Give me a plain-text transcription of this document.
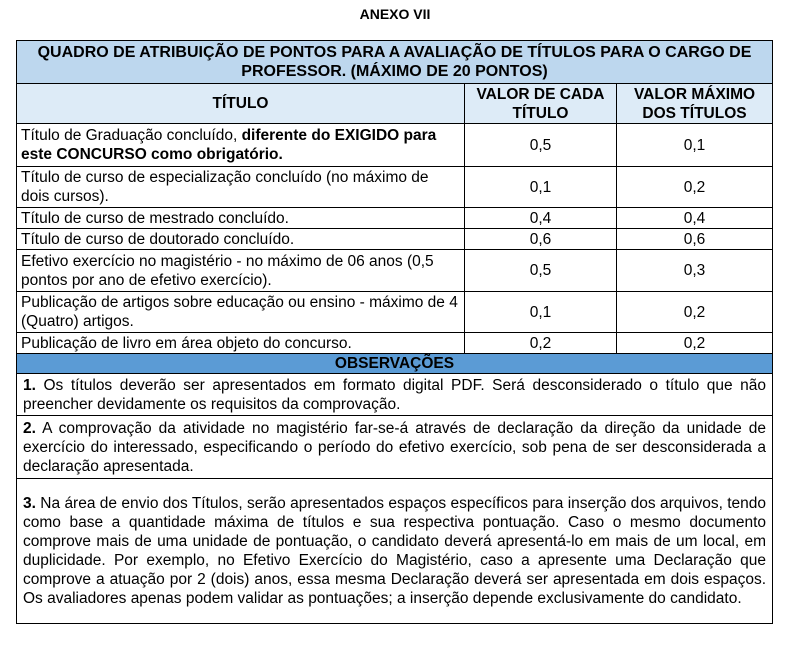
ANEXO VII
QUADRO DE ATRIBUIÇÃO DE PONTOS PARA A AVALIAÇÃO DE TÍTULOS PARA O CARGO DE PROFESSOR. (MÁXIMO DE 20 PONTOS)		
TÍTULO	VALOR DE CADA TÍTULO	VALOR MÁXIMO DOS TÍTULOS
Título de Graduação concluído, diferente do EXIGIDO para este CONCURSO como obrigatório.	0,5	0,1
Título de curso de especialização concluído (no máximo de dois cursos).	0,1	0,2
Título de curso de mestrado concluído.	0,4	0,4
Título de curso de doutorado concluído.	0,6	0,6
Efetivo exercício no magistério - no máximo de 06 anos (0,5 pontos por ano de efetivo exercício).	0,5	0,3
Publicação de artigos sobre educação ou ensino - máximo de 4 (Quatro) artigos.	0,1	0,2
Publicação de livro em área objeto do concurso.	0,2	0,2
OBSERVAÇÕES		
1. Os títulos deverão ser apresentados em formato digital PDF. Será desconsiderado o título que não preencher devidamente os requisitos da comprovação.		
2. A comprovação da atividade no magistério far-se-á através de declaração da direção da unidade de exercício do interessado, especificando o período do efetivo exercício, sob pena de ser desconsiderada a declaração apresentada.		
3. Na área de envio dos Títulos, serão apresentados espaços específicos para inserção dos arquivos, tendo como base a quantidade máxima de títulos e sua respectiva pontuação. Caso o mesmo documento comprove mais de uma unidade de pontuação, o candidato deverá apresentá-lo em mais de um local, em duplicidade. Por exemplo, no Efetivo Exercício do Magistério, caso a apresente uma Declaração que comprove a atuação por 2 (dois) anos, essa mesma Declaração deverá ser apresentada em dois espaços. Os avaliadores apenas podem validar as pontuações; a inserção depende exclusivamente do candidato.		
